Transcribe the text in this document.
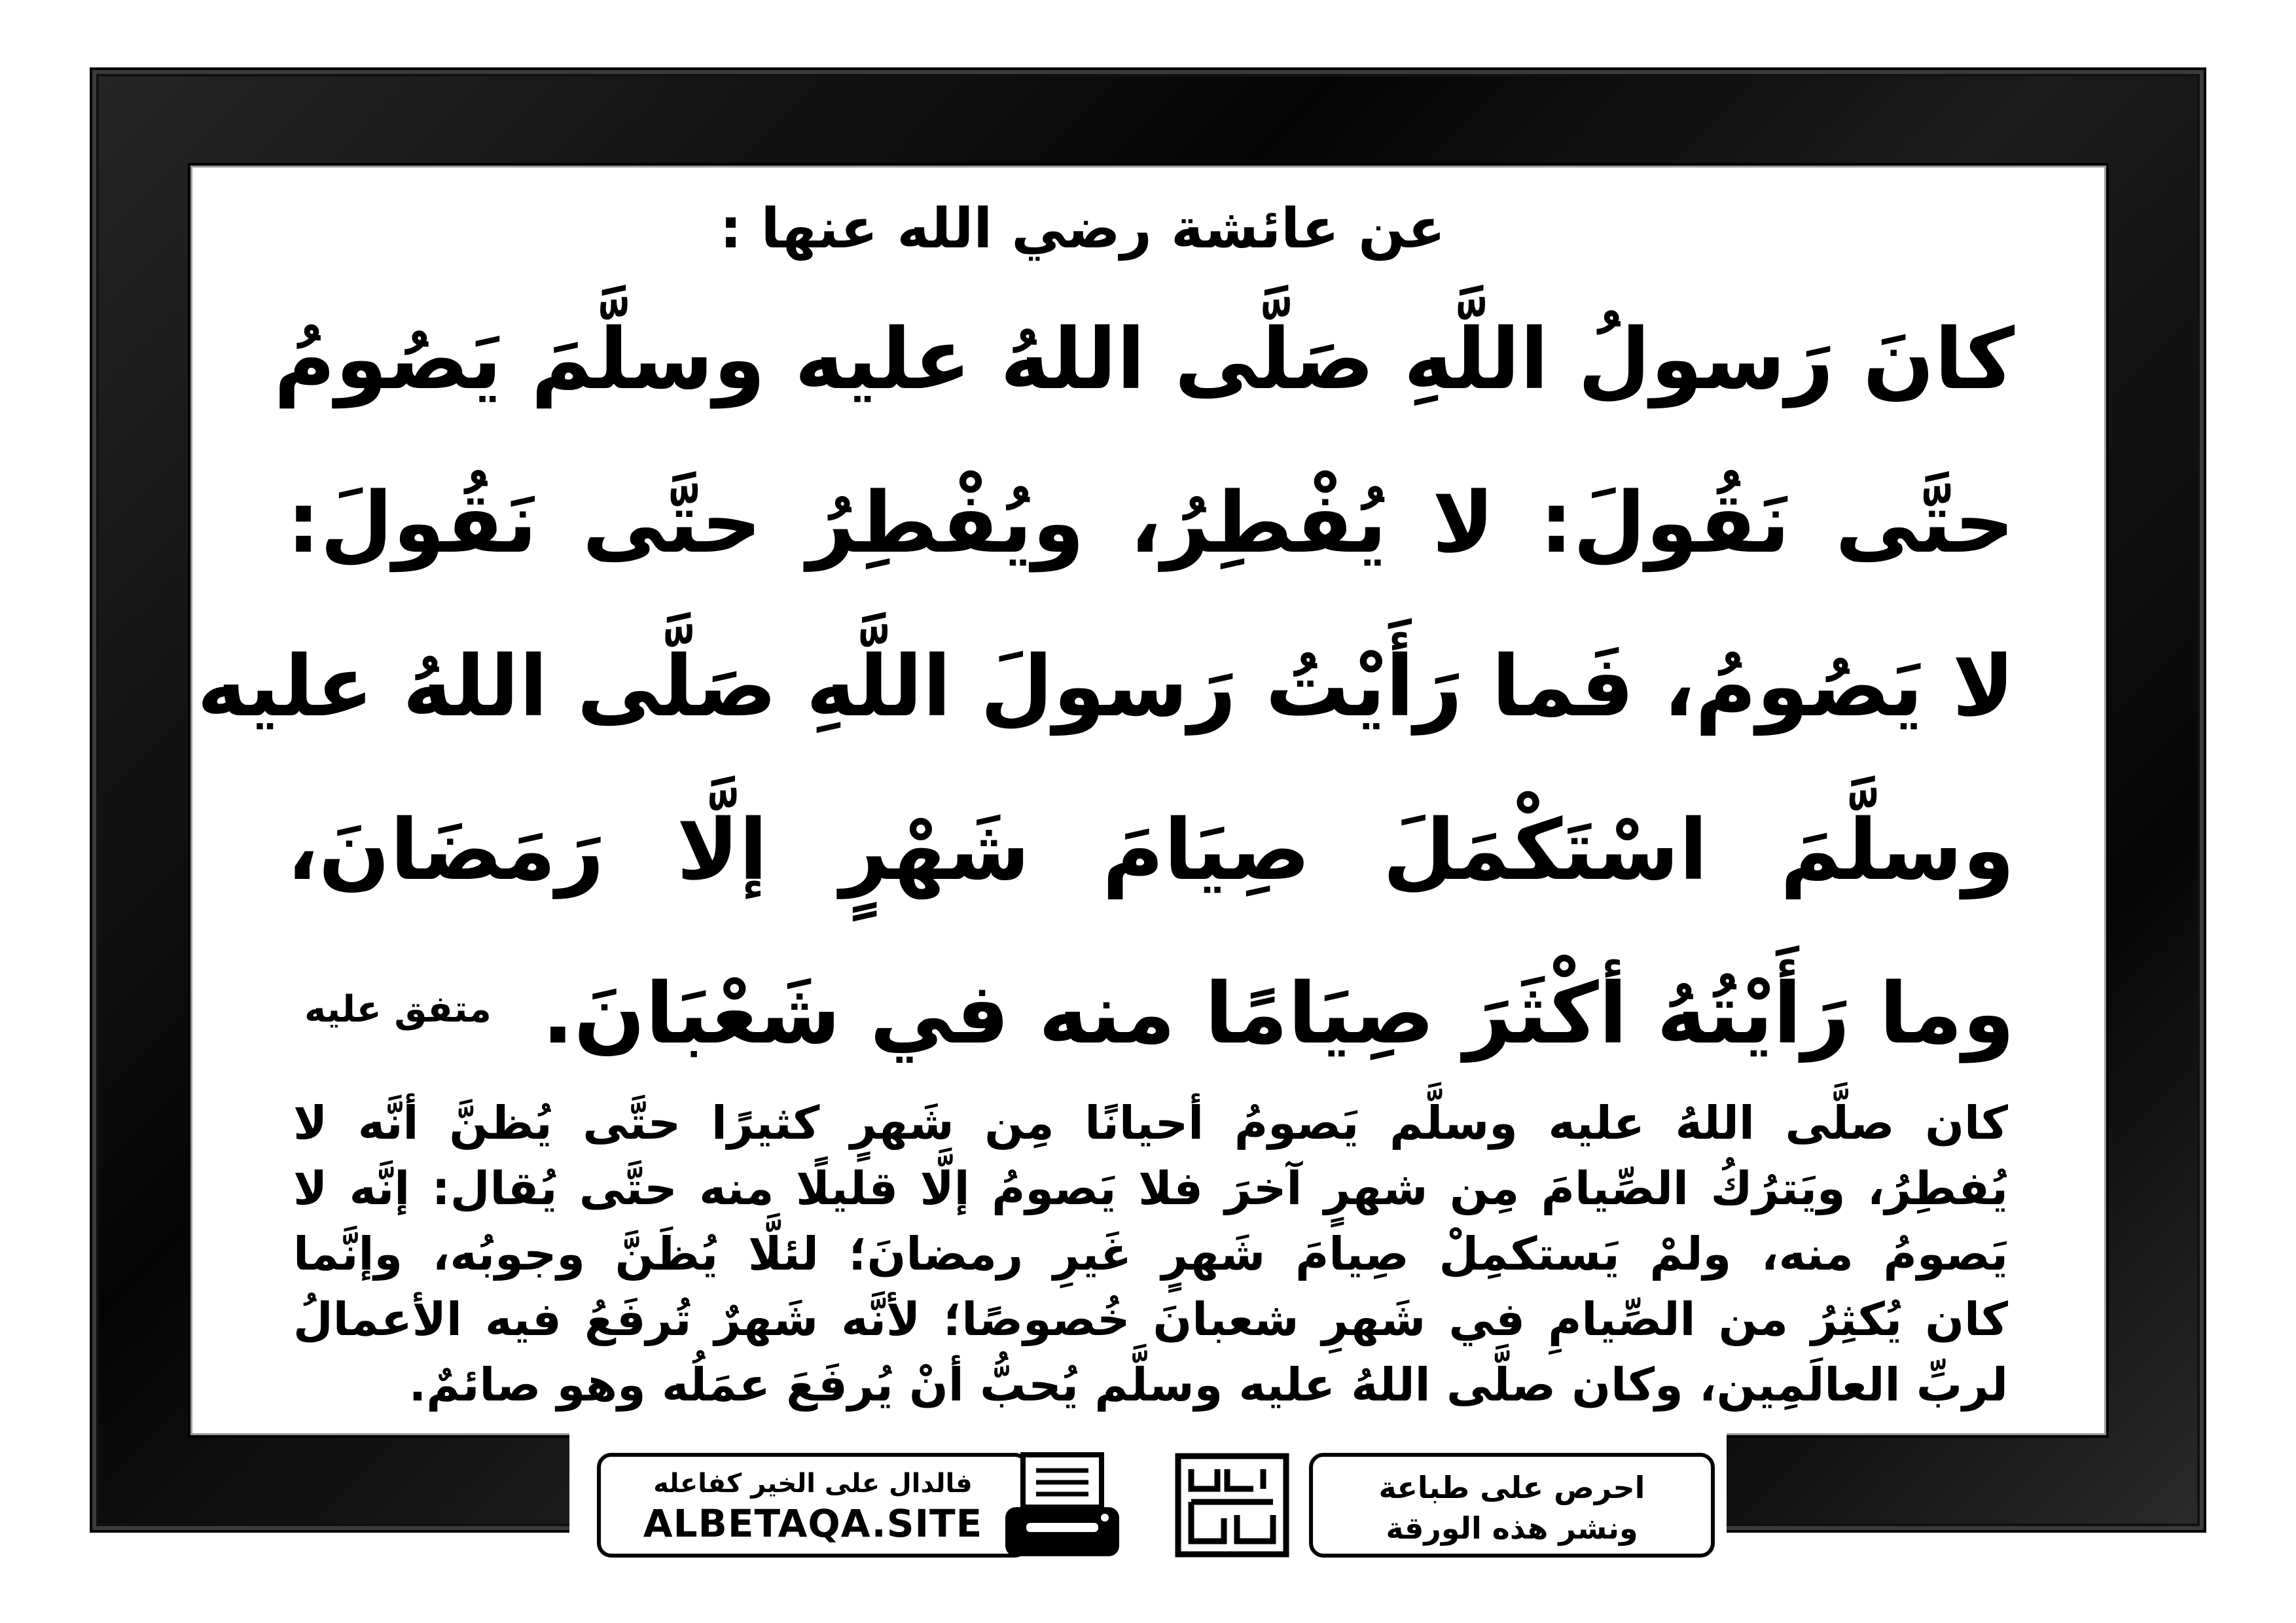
عن عائشة رضي الله عنها :
كانَ رَسولُ اللَّهِ صَلَّى اللهُ عليه وسلَّمَ يَصُومُ
حتَّى نَقُولَ: لا يُفْطِرُ، ويُفْطِرُ حتَّى نَقُولَ:
لا يَصُومُ، فَما رَأَيْتُ رَسولَ اللَّهِ صَلَّى اللهُ عليه
وسلَّمَ اسْتَكْمَلَ صِيَامَ شَهْرٍ إلَّا رَمَضَانَ،
وما رَأَيْتُهُ أكْثَرَ صِيَامًا منه في شَعْبَانَ.
متفق عليه
كان صلَّى اللهُ عليه وسلَّم يَصومُ أحيانًا مِن شَهرٍ كثيرًا حتَّى يُظنَّ أنَّه لا
يُفطِرُ، ويَترُكُ الصِّيامَ مِن شهرٍ آخرَ فلا يَصومُ إلَّا قليلًا منه حتَّى يُقال: إنَّه لا
يَصومُ منه، ولمْ يَستكمِلْ صِيامَ شَهرٍ غَيرِ رمضانَ؛ لئلَّا يُظَنَّ وجوبُه، وإنَّما
كان يُكثِرُ من الصِّيامِ في شَهرِ شعبانَ خُصوصًا؛ لأنَّه شَهرٌ تُرفَعُ فيه الأعمالُ
لربِّ العالَمِين، وكان صلَّى اللهُ عليه وسلَّم يُحبُّ أنْ يُرفَعَ عمَلُه وهو صائمٌ.
فالدال على الخير كفاعله
ALBETAQA.SITE
احرص على طباعة
ونشر هذه الورقة
